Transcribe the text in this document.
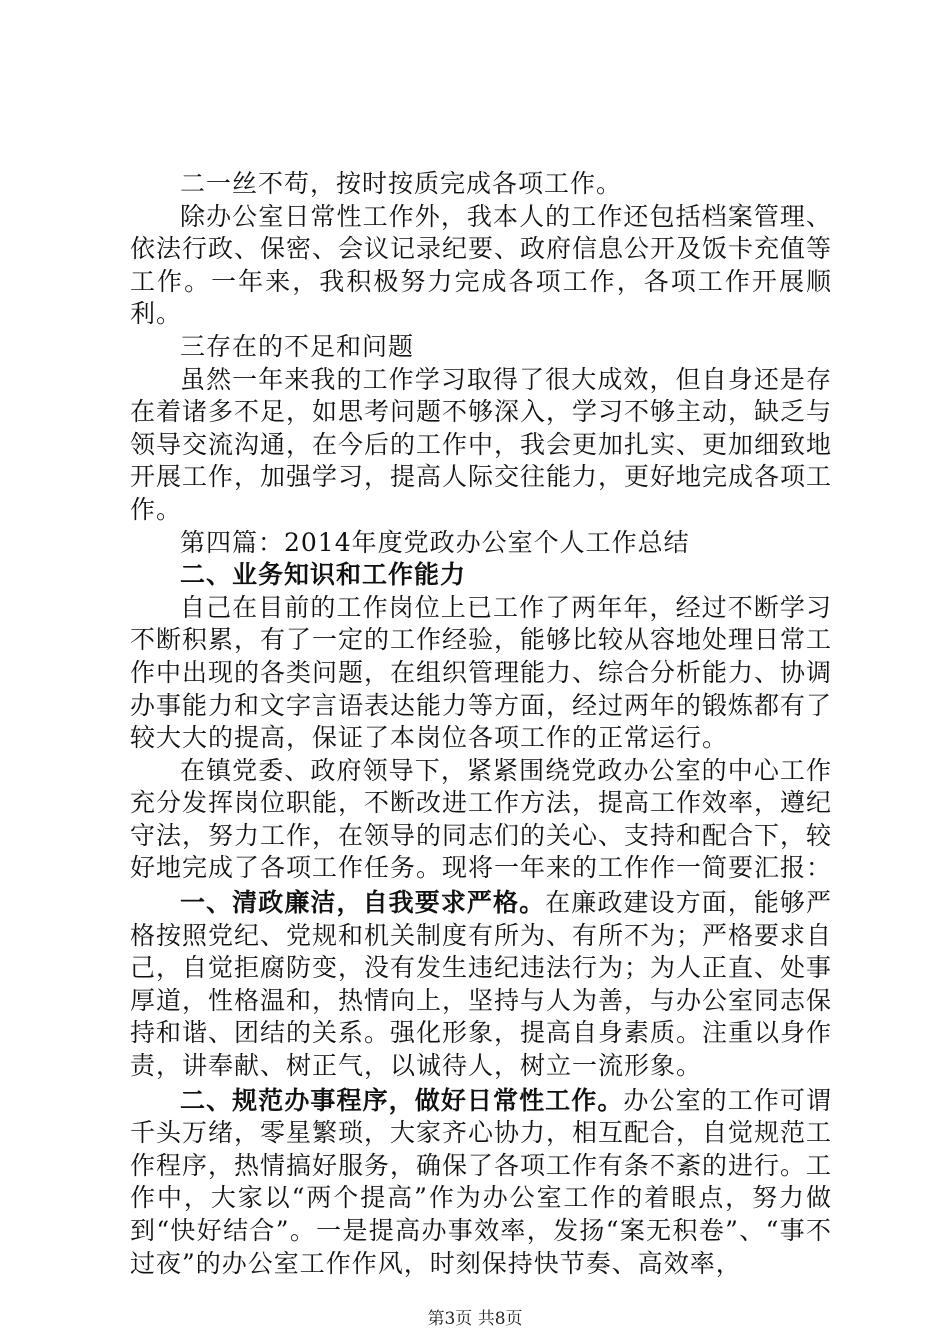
二一丝不苟，按时按质完成各项工作。

除办公室日常性工作外，我本人的工作还包括档案管理、依法行政、保密、会议记录纪要、政府信息公开及饭卡充值等工作。一年来，我积极努力完成各项工作，各项工作开展顺利。

三存在的不足和问题

虽然一年来我的工作学习取得了很大成效，但自身还是存在着诸多不足，如思考问题不够深入，学习不够主动，缺乏与领导交流沟通，在今后的工作中，我会更加扎实、更加细致地开展工作，加强学习，提高人际交往能力，更好地完成各项工作。

第四篇：2014年度党政办公室个人工作总结

二、业务知识和工作能力

自己在目前的工作岗位上已工作了两年年，经过不断学习不断积累，有了一定的工作经验，能够比较从容地处理日常工作中出现的各类问题，在组织管理能力、综合分析能力、协调办事能力和文字言语表达能力等方面，经过两年的锻炼都有了较大大的提高，保证了本岗位各项工作的正常运行。

在镇党委、政府领导下，紧紧围绕党政办公室的中心工作充分发挥岗位职能，不断改进工作方法，提高工作效率，遵纪守法，努力工作，在领导的同志们的关心、支持和配合下，较好地完成了各项工作任务。现将一年来的工作作一简要汇报：

一、清政廉洁，自我要求严格。在廉政建设方面，能够严格按照党纪、党规和机关制度有所为、有所不为；严格要求自己，自觉拒腐防变，没有发生违纪违法行为；为人正直、处事厚道，性格温和，热情向上，坚持与人为善，与办公室同志保持和谐、团结的关系。强化形象，提高自身素质。注重以身作责，讲奉献、树正气，以诚待人，树立一流形象。

二、规范办事程序，做好日常性工作。办公室的工作可谓千头万绪，零星繁琐，大家齐心协力，相互配合，自觉规范工作程序，热情搞好服务，确保了各项工作有条不紊的进行。工作中，大家以“两个提高”作为办公室工作的着眼点，努力做到“快好结合”。一是提高办事效率，发扬“案无积卷”、“事不过夜”的办公室工作作风，时刻保持快节奏、高效率，

第3页 共8页
